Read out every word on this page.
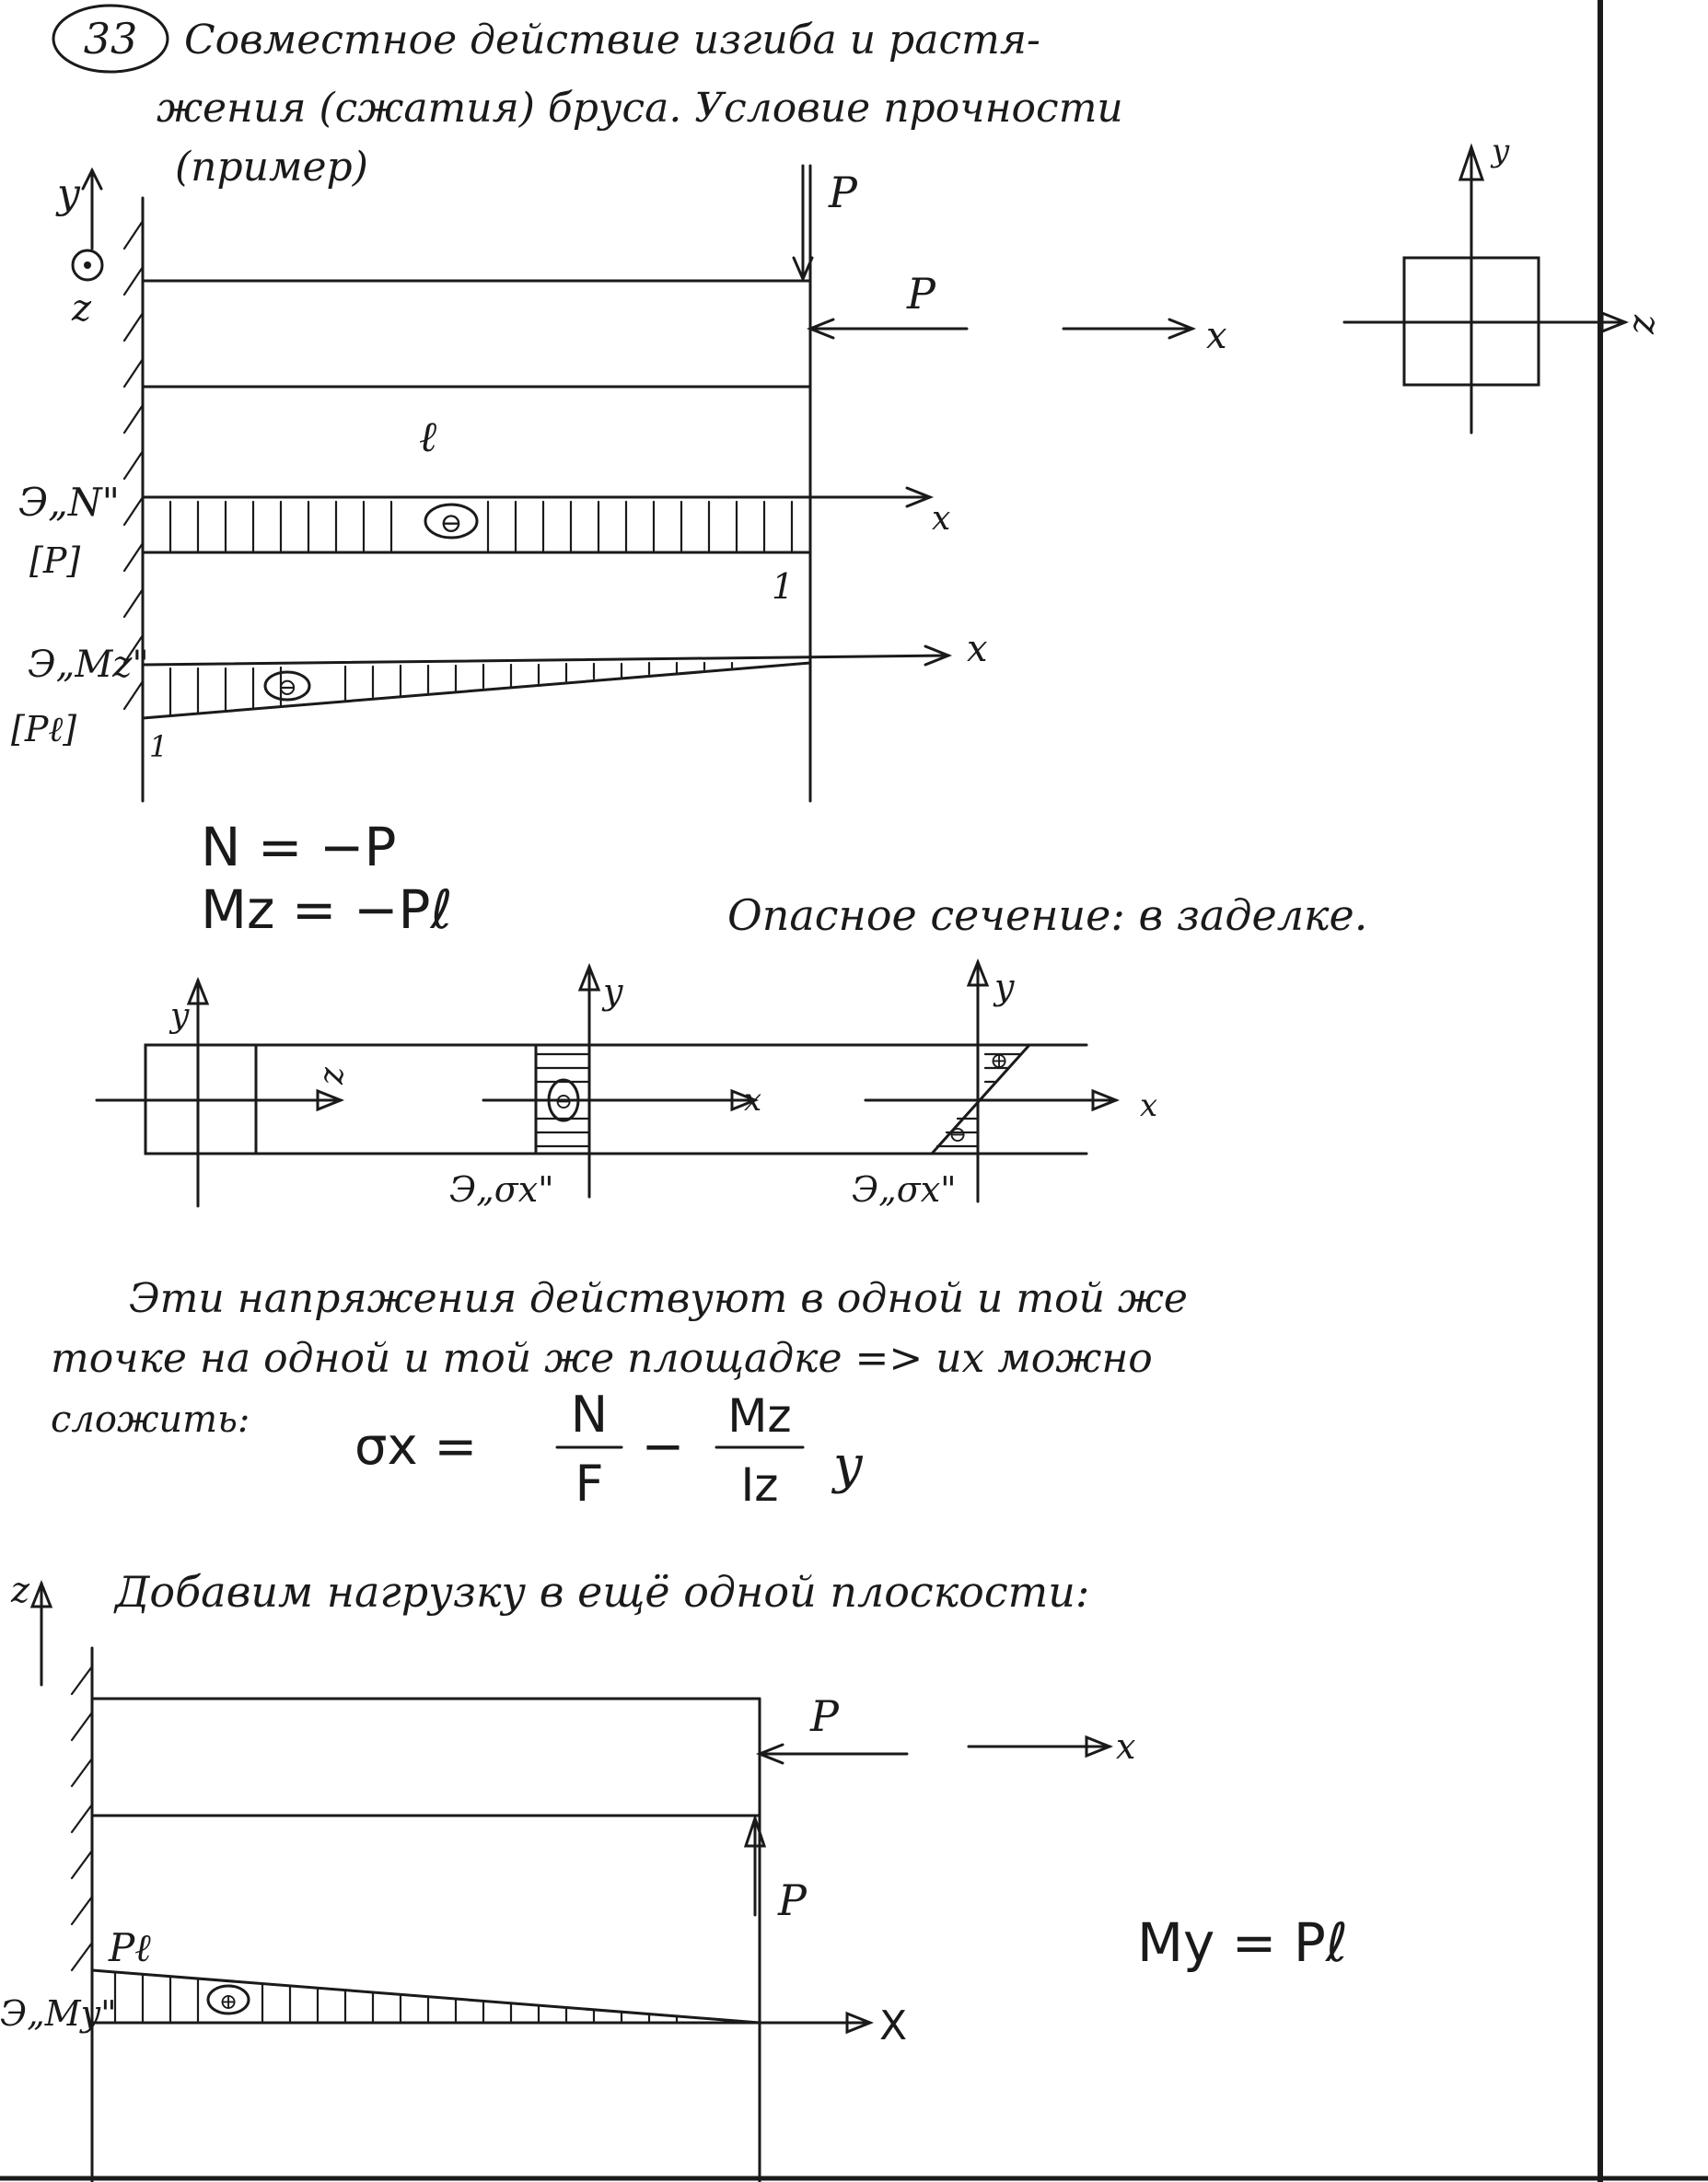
33 Совместное действие изгиба и растя-
жения (сжатия) бруса. Условие прочности
(пример)
y
z
ℓ
P
P
x	z
y
⊖	x
Э„N"
[P]
1
⊖
x
Э„Mz"
[Pℓ] 1
N = −P
Mz = −Pℓ	Опасное сечение: в заделке.
y
z
⊖
y
x
Э„σx"
⊕
⊖
y
x
Э„σx"
Эти напряжения действуют в одной и той же
точке на одной и той же площадке => их можно
сложить: σx =
N
F
−
Mz
Iz y
Добавим нагрузку в ещё одной плоскости:
z
P
x
P
⊕
Pℓ
Э„My"	X
My = Pℓ
